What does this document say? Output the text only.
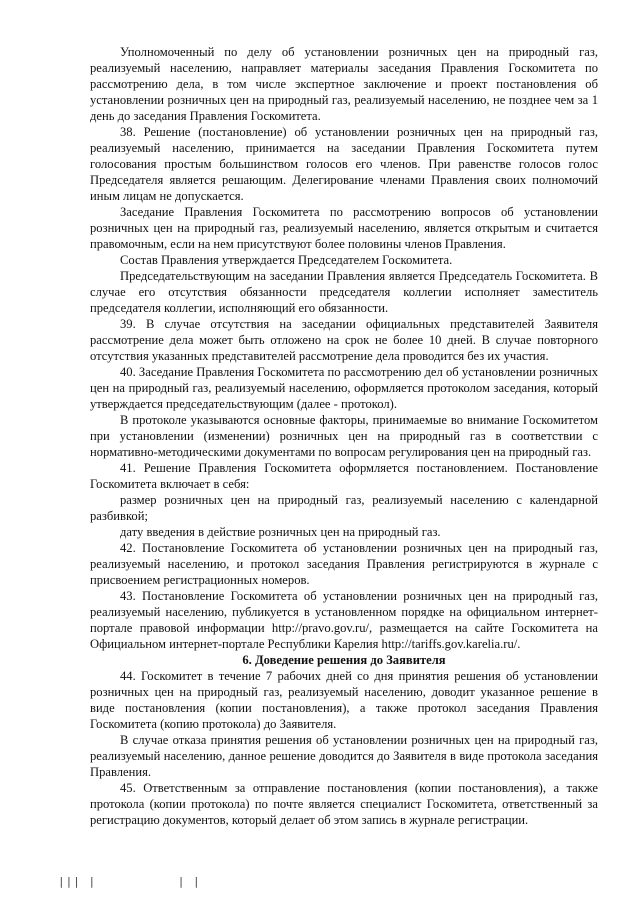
Уполномоченный по делу об установлении розничных цен на природный газ, реализуемый населению, направляет материалы заседания Правления Госкомитета по рассмотрению дела, в том числе экспертное заключение и проект постановления об установлении розничных цен на природный газ, реализуемый населению, не позднее чем за 1 день до заседания Правления Госкомитета.

38. Решение (постановление) об установлении розничных цен на природный газ, реализуемый населению, принимается на заседании Правления Госкомитета путем голосования простым большинством голосов его членов. При равенстве голосов голос Председателя является решающим. Делегирование членами Правления своих полномочий иным лицам не допускается.

Заседание Правления Госкомитета по рассмотрению вопросов об установлении розничных цен на природный газ, реализуемый населению, является открытым и считается правомочным, если на нем присутствуют более половины членов Правления.

Состав Правления утверждается Председателем Госкомитета.

Председательствующим на заседании Правления является Председатель Госкомитета. В случае его отсутствия обязанности председателя коллегии исполняет заместитель председателя коллегии, исполняющий его обязанности.

39. В случае отсутствия на заседании официальных представителей Заявителя рассмотрение дела может быть отложено на срок не более 10 дней. В случае повторного отсутствия указанных представителей рассмотрение дела проводится без их участия.

40. Заседание Правления Госкомитета по рассмотрению дел об установлении розничных цен на природный газ, реализуемый населению, оформляется протоколом заседания, который утверждается председательствующим (далее - протокол).

В протоколе указываются основные факторы, принимаемые во внимание Госкомитетом при установлении (изменении) розничных цен на природный газ в соответствии с нормативно-методическими документами по вопросам регулирования цен на природный газ.

41. Решение Правления Госкомитета оформляется постановлением. Постановление Госкомитета включает в себя:

размер розничных цен на природный газ, реализуемый населению с календарной разбивкой;

дату введения в действие розничных цен на природный газ.

42. Постановление Госкомитета об установлении розничных цен на природный газ, реализуемый населению, и протокол заседания Правления регистрируются в журнале с присвоением регистрационных номеров.

43. Постановление Госкомитета об установлении розничных цен на природный газ, реализуемый населению, публикуется в установленном порядке на официальном интернет-портале правовой информации http://pravo.gov.ru/, размещается на сайте Госкомитета на Официальном интернет-портале Республики Карелия http://tariffs.gov.karelia.ru/.

6. Доведение решения до Заявителя

44. Госкомитет в течение 7 рабочих дней со дня принятия решения об установлении розничных цен на природный газ, реализуемый населению, доводит указанное решение в виде постановления (копии постановления), а также протокол заседания Правления Госкомитета (копию протокола) до Заявителя.

В случае отказа принятия решения об установлении розничных цен на природный газ, реализуемый населению, данное решение доводится до Заявителя в виде протокола заседания Правления.

45. Ответственным за отправление постановления (копии постановления), а также протокола (копии протокола) по почте является специалист Госкомитета, ответственный за регистрацию документов, который делает об этом запись в журнале регистрации.

||| |	| |
